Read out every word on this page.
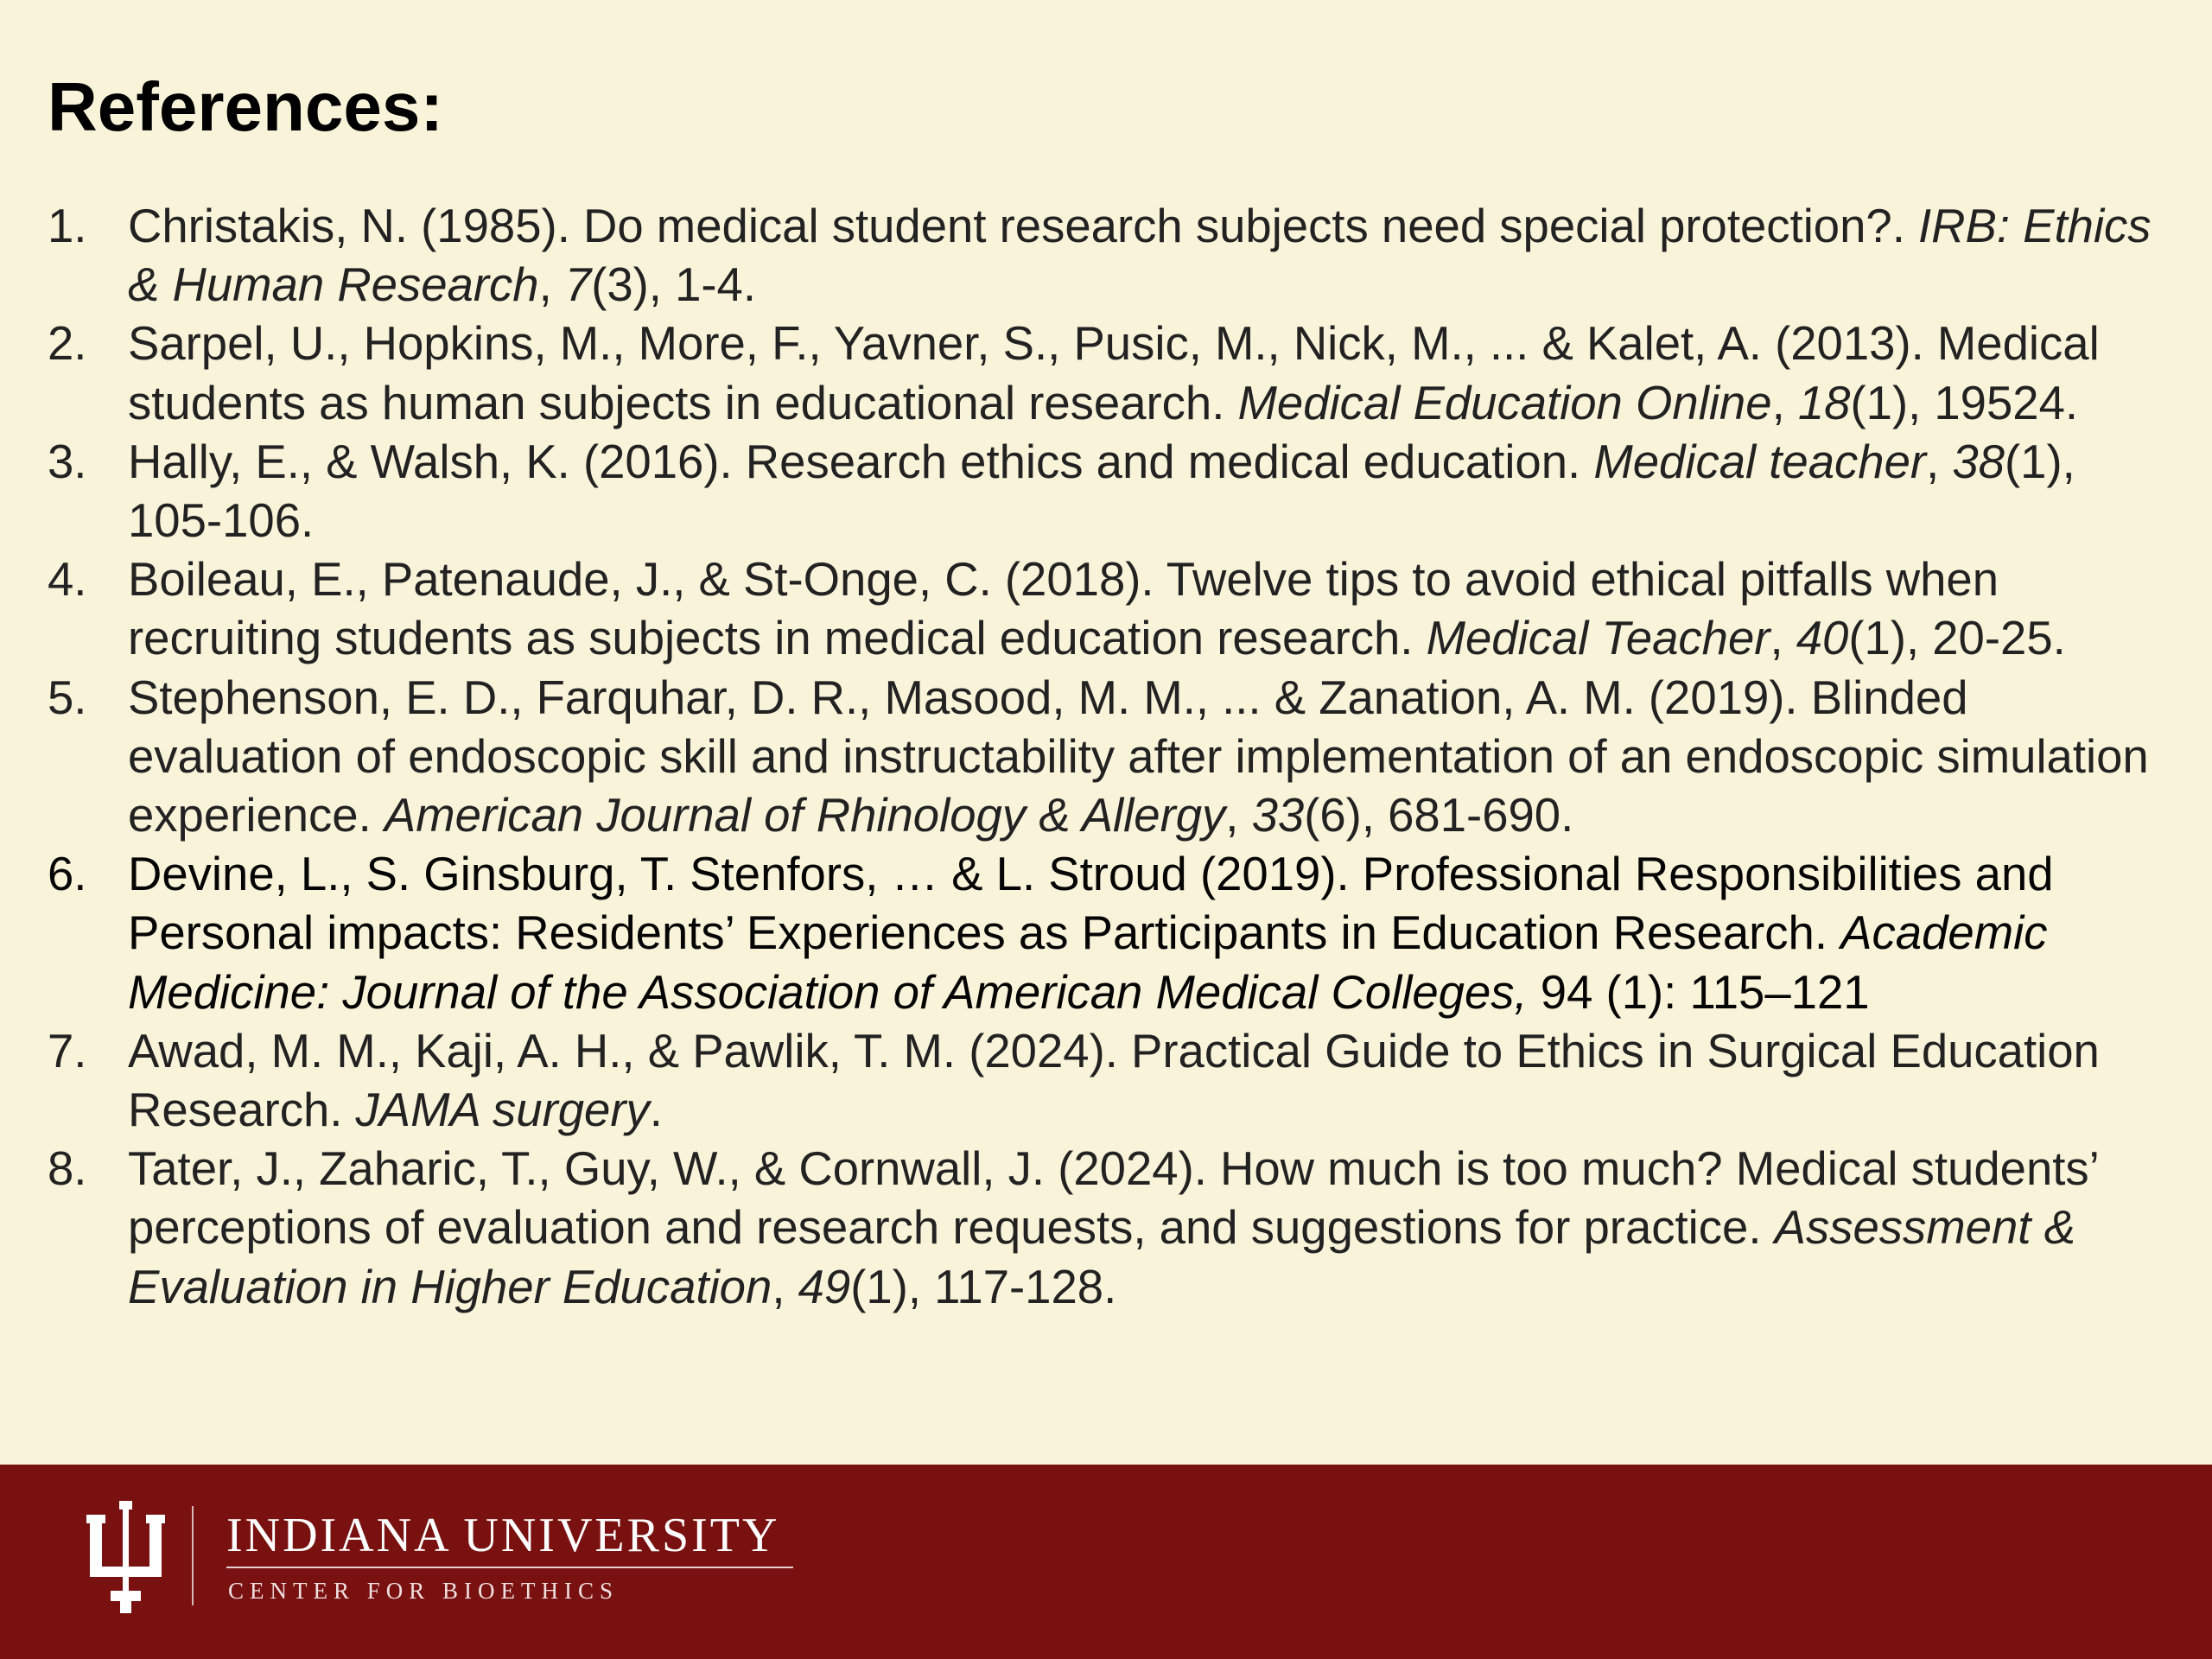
References:
1. Christakis, N. (1985). Do medical student research subjects need special protection?. IRB: Ethics & Human Research, 7(3), 1-4.
2. Sarpel, U., Hopkins, M., More, F., Yavner, S., Pusic, M., Nick, M., ... & Kalet, A. (2013). Medical students as human subjects in educational research. Medical Education Online, 18(1), 19524.
3. Hally, E., & Walsh, K. (2016). Research ethics and medical education. Medical teacher, 38(1), 105-106.
4. Boileau, E., Patenaude, J., & St-Onge, C. (2018). Twelve tips to avoid ethical pitfalls when recruiting students as subjects in medical education research. Medical Teacher, 40(1), 20-25.
5. Stephenson, E. D., Farquhar, D. R., Masood, M. M., ... & Zanation, A. M. (2019). Blinded evaluation of endoscopic skill and instructability after implementation of an endoscopic simulation experience. American Journal of Rhinology & Allergy, 33(6), 681-690.
6. Devine, L., S. Ginsburg, T. Stenfors, … & L. Stroud (2019). Professional Responsibilities and Personal impacts: Residents’ Experiences as Participants in Education Research. Academic Medicine: Journal of the Association of American Medical Colleges, 94 (1): 115–121
7. Awad, M. M., Kaji, A. H., & Pawlik, T. M. (2024). Practical Guide to Ethics in Surgical Education Research. JAMA surgery.
8. Tater, J., Zaharic, T., Guy, W., & Cornwall, J. (2024). How much is too much? Medical students’ perceptions of evaluation and research requests, and suggestions for practice. Assessment & Evaluation in Higher Education, 49(1), 117-128.
INDIANA UNIVERSITY
CENTER FOR BIOETHICS
